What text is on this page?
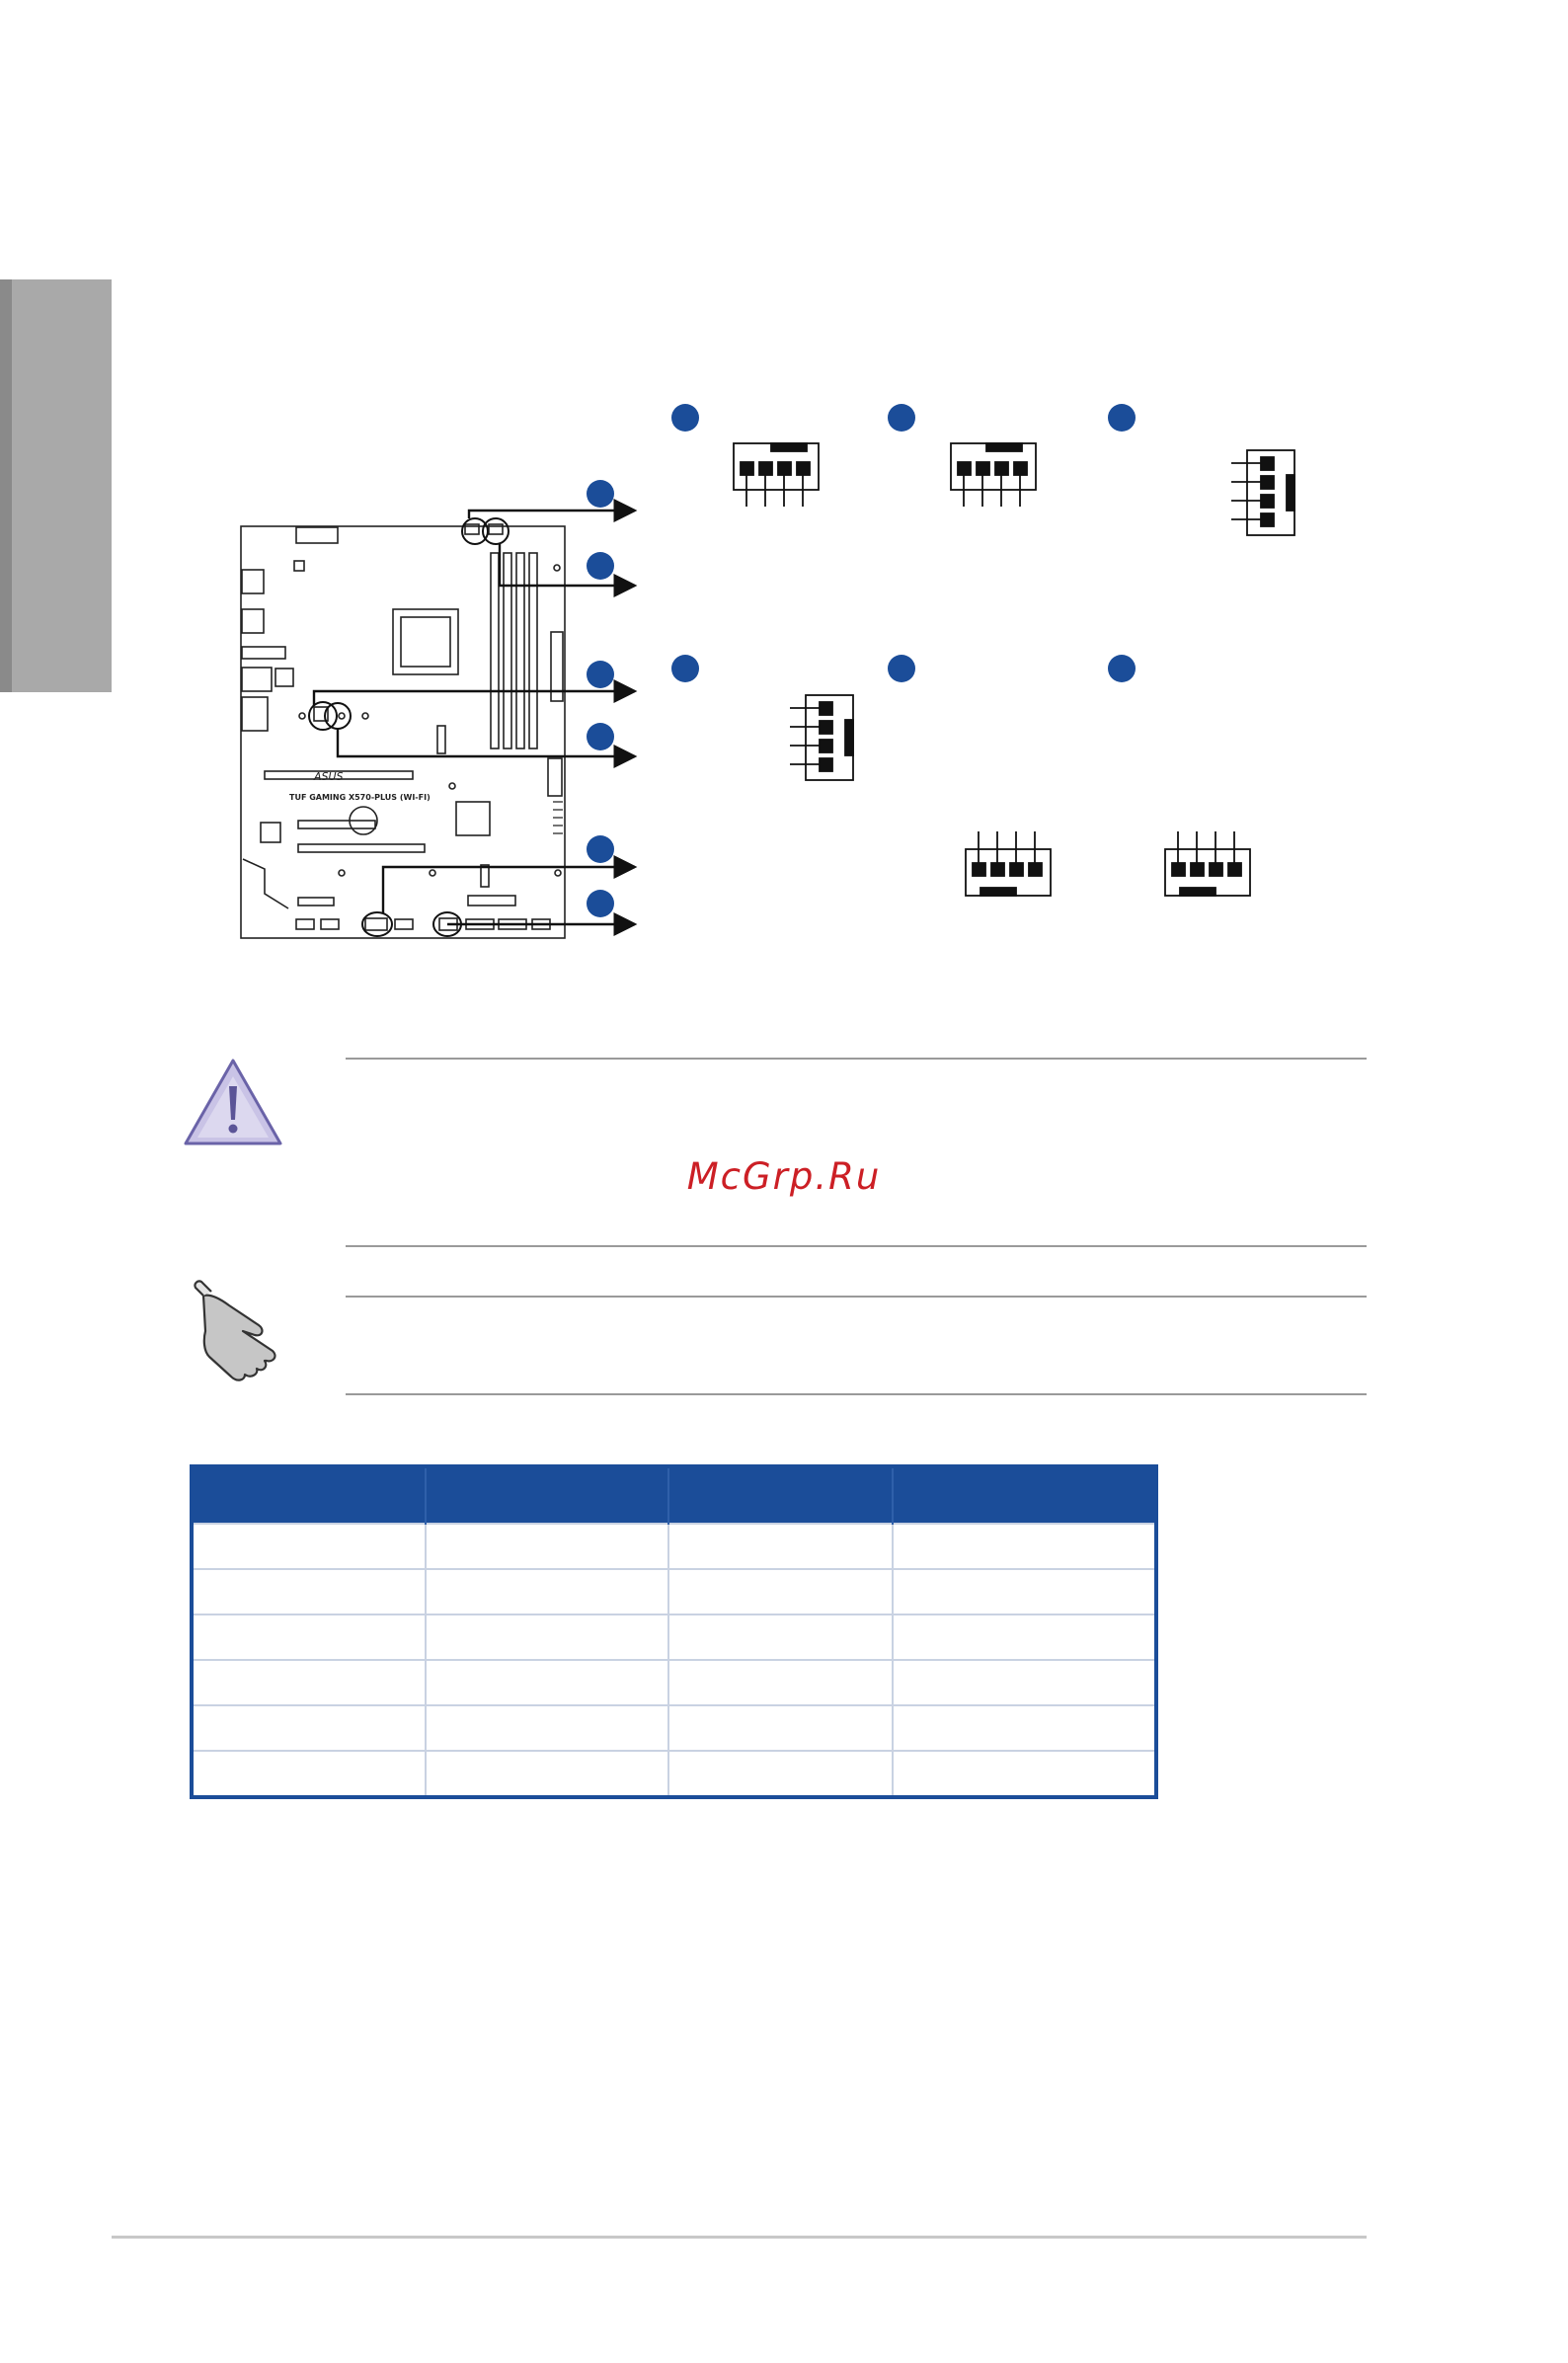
ASUS
TUF GAMING X570-PLUS (WI-FI)
McGrp.Ru
